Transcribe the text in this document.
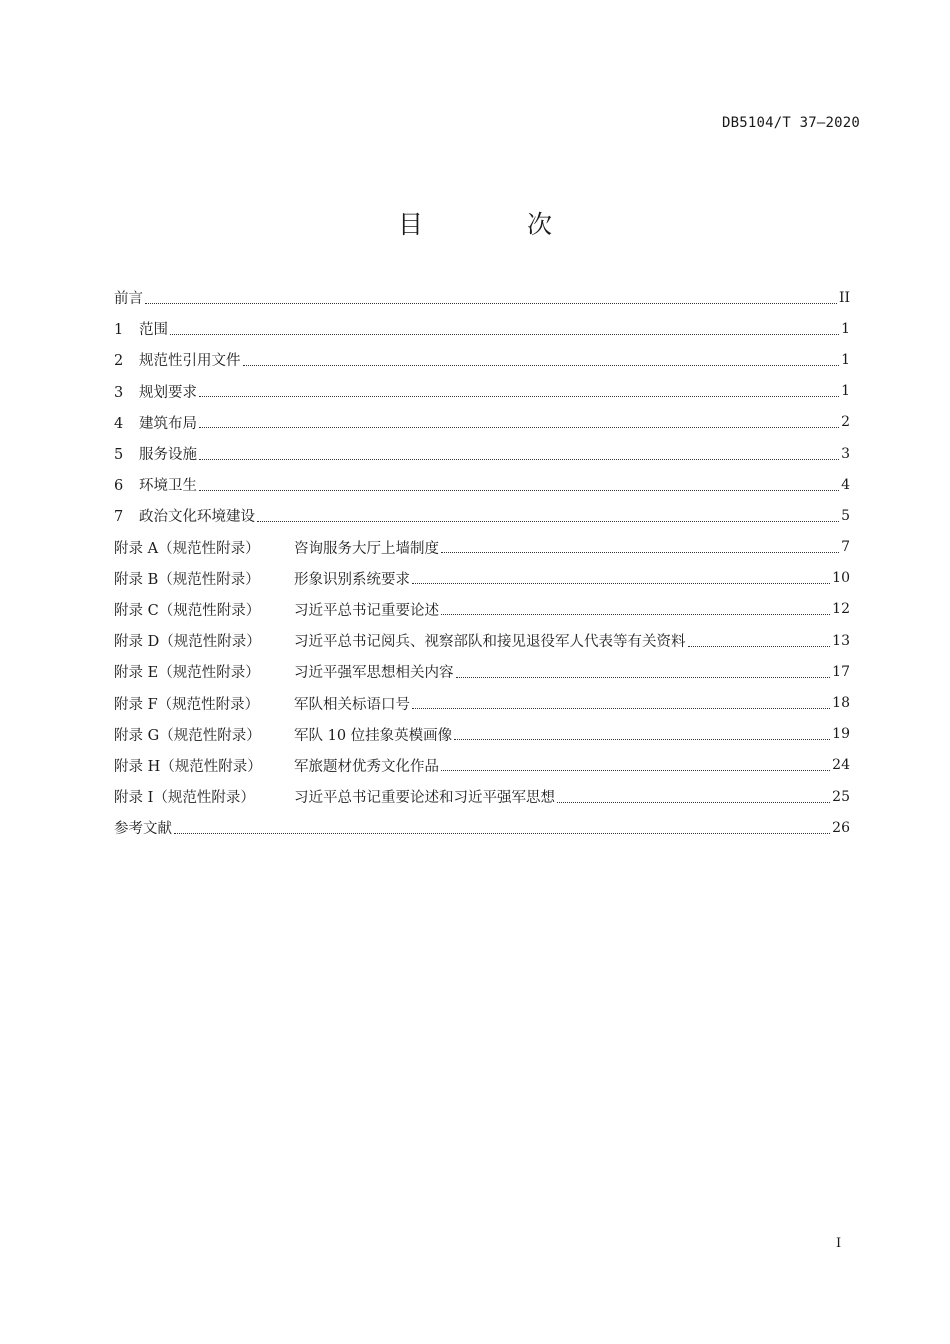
DB5104/T 37—2020
目 次
前言	II
1 范围	1
2 规范性引用文件	1
3 规划要求	1
4 建筑布局	2
5 服务设施	3
6 环境卫生	4
7 政治文化环境建设	5
附录 A（规范性附录） 咨询服务大厅上墙制度	7
附录 B（规范性附录） 形象识别系统要求	10
附录 C（规范性附录） 习近平总书记重要论述	12
附录 D（规范性附录） 习近平总书记阅兵、视察部队和接见退役军人代表等有关资料	13
附录 E（规范性附录） 习近平强军思想相关内容	17
附录 F（规范性附录） 军队相关标语口号	18
附录 G（规范性附录） 军队 10 位挂象英模画像	19
附录 H（规范性附录） 军旅题材优秀文化作品	24
附录 I（规范性附录）	习近平总书记重要论述和习近平强军思想	25
参考文献	26
I
